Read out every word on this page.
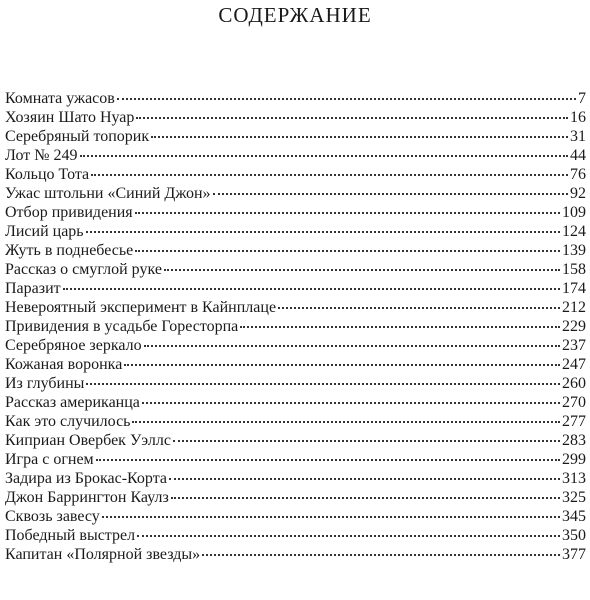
СОДЕРЖАНИЕ
Комната ужасов	7
Хозяин Шато Нуар	16
Серебряный топорик	31
Лот № 249	44
Кольцо Тота	76
Ужас штольни «Синий Джон»	92
Отбор привидения	109
Лисий царь	124
Жуть в поднебесье	139
Рассказ о смуглой руке	158
Паразит	174
Невероятный эксперимент в Кайнплаце	212
Привидения в усадьбе Горесторпа	229
Серебряное зеркало	237
Кожаная воронка	247
Из глубины	260
Рассказ американца	270
Как это случилось	277
Киприан Овербек Уэллс	283
Игра с огнем	299
Задира из Брокас-Корта	313
Джон Баррингтон Каулз	325
Сквозь завесу	345
Победный выстрел	350
Капитан «Полярной звезды»	377
